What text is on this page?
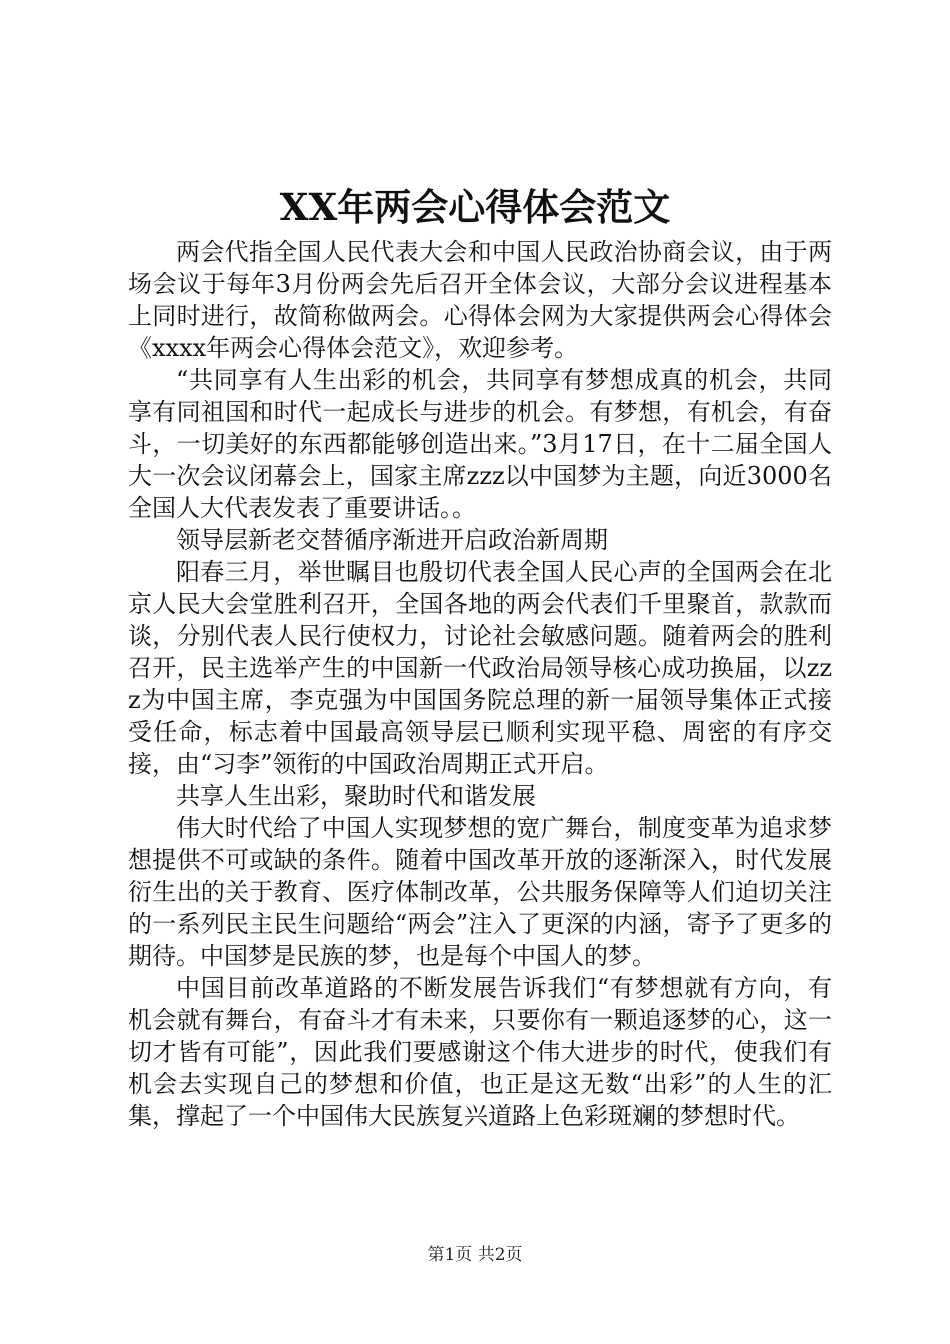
XX年两会心得体会范文

两会代指全国人民代表大会和中国人民政治协商会议，由于两场会议于每年3月份两会先后召开全体会议，大部分会议进程基本上同时进行，故简称做两会。心得体会网为大家提供两会心得体会《xxxx年两会心得体会范文》，欢迎参考。

“共同享有人生出彩的机会，共同享有梦想成真的机会，共同享有同祖国和时代一起成长与进步的机会。有梦想，有机会，有奋斗，一切美好的东西都能够创造出来。”3月17日，在十二届全国人大一次会议闭幕会上，国家主席zzz以中国梦为主题，向近3000名全国人大代表发表了重要讲话。。

领导层新老交替循序渐进开启政治新周期

阳春三月，举世瞩目也殷切代表全国人民心声的全国两会在北京人民大会堂胜利召开，全国各地的两会代表们千里聚首，款款而谈，分别代表人民行使权力，讨论社会敏感问题。随着两会的胜利召开，民主选举产生的中国新一代政治局领导核心成功换届，以zzz为中国主席，李克强为中国国务院总理的新一届领导集体正式接受任命，标志着中国最高领导层已顺利实现平稳、周密的有序交接，由“习李”领衔的中国政治周期正式开启。

共享人生出彩，聚助时代和谐发展

伟大时代给了中国人实现梦想的宽广舞台，制度变革为追求梦想提供不可或缺的条件。随着中国改革开放的逐渐深入，时代发展衍生出的关于教育、医疗体制改革，公共服务保障等人们迫切关注的一系列民主民生问题给“两会”注入了更深的内涵，寄予了更多的期待。中国梦是民族的梦，也是每个中国人的梦。

中国目前改革道路的不断发展告诉我们“有梦想就有方向，有机会就有舞台，有奋斗才有未来，只要你有一颗追逐梦的心，这一切才皆有可能”，因此我们要感谢这个伟大进步的时代，使我们有机会去实现自己的梦想和价值，也正是这无数“出彩”的人生的汇集，撑起了一个中国伟大民族复兴道路上色彩斑斓的梦想时代。

第1页 共2页
